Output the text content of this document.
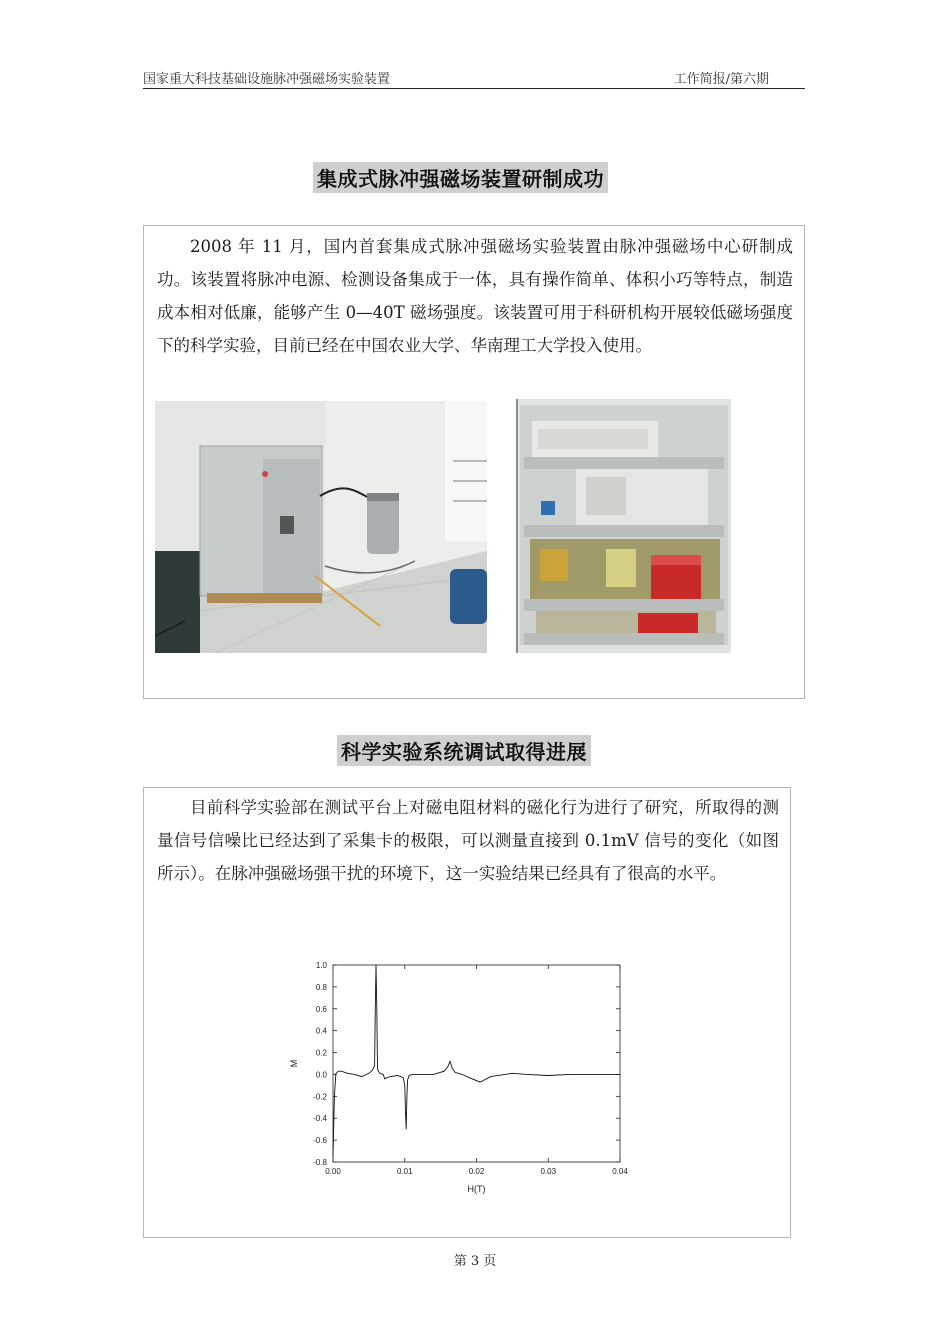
国家重大科技基础设施脉冲强磁场实验装置	工作简报/第六期
集成式脉冲强磁场装置研制成功
2008 年 11 月，国内首套集成式脉冲强磁场实验装置由脉冲强磁场中心研制成功。该装置将脉冲电源、检测设备集成于一体，具有操作简单、体积小巧等特点，制造成本相对低廉，能够产生 0—40T 磁场强度。该装置可用于科研机构开展较低磁场强度下的科学实验，目前已经在中国农业大学、华南理工大学投入使用。
科学实验系统调试取得进展
目前科学实验部在测试平台上对磁电阻材料的磁化行为进行了研究，所取得的测量信号信噪比已经达到了采集卡的极限，可以测量直接到 0.1mV 信号的变化（如图所示）。在脉冲强磁场强干扰的环境下，这一实验结果已经具有了很高的水平。
0.00	0.01	0.02	0.03	0.04
1.0
0.8
0.6
0.4
0.2
0.0
-0.2
-0.4
-0.6
-0.8
H(T)
M
第 3 页
